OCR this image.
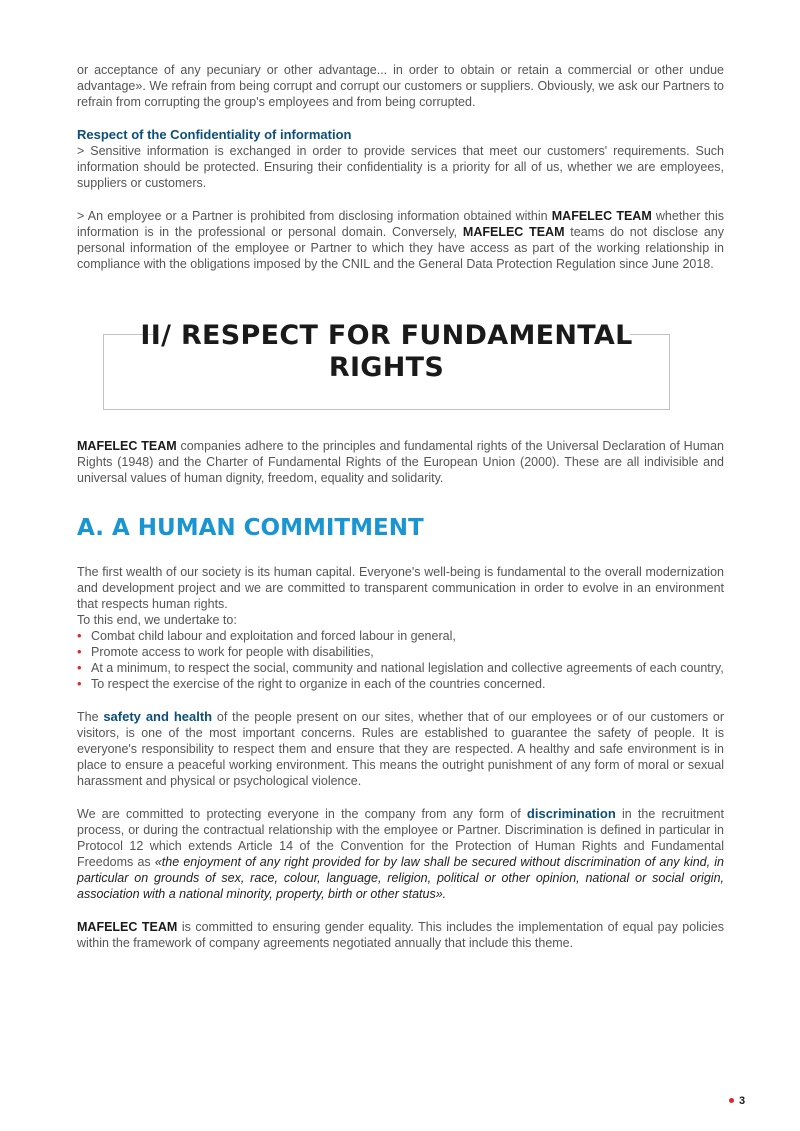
or acceptance of any pecuniary or other advantage... in order to obtain or retain a commercial or other undue advantage». We refrain from being corrupt and corrupt our customers or suppliers. Obviously, we ask our Partners to refrain from corrupting the group's employees and from being corrupted.

Respect of the Confidentiality of information

> Sensitive information is exchanged in order to provide services that meet our customers' requirements. Such information should be protected. Ensuring their confidentiality is a priority for all of us, whether we are employees, suppliers or customers.

> An employee or a Partner is prohibited from disclosing information obtained within MAFELEC TEAM whether this information is in the professional or personal domain. Conversely, MAFELEC TEAM teams do not disclose any personal information of the employee or Partner to which they have access as part of the working relationship in compliance with the obligations imposed by the CNIL and the General Data Protection Regulation since June 2018.

II/ RESPECT FOR FUNDAMENTAL
RIGHTS

MAFELEC TEAM companies adhere to the principles and fundamental rights of the Universal Declaration of Human Rights (1948) and the Charter of Fundamental Rights of the European Union (2000). These are all indivisible and universal values of human dignity, freedom, equality and solidarity.

A. A HUMAN COMMITMENT

The first wealth of our society is its human capital. Everyone's well-being is fundamental to the overall modernization and development project and we are committed to transparent communication in order to evolve in an environment that respects human rights.

To this end, we undertake to:

• Combat child labour and exploitation and forced labour in general,
• Promote access to work for people with disabilities,
• At a minimum, to respect the social, community and national legislation and collective agreements of each country,
• To respect the exercise of the right to organize in each of the countries concerned.

The safety and health of the people present on our sites, whether that of our employees or of our customers or visitors, is one of the most important concerns. Rules are established to guarantee the safety of people. It is everyone's responsibility to respect them and ensure that they are respected. A healthy and safe environment is in place to ensure a peaceful working environment. This means the outright punishment of any form of moral or sexual harassment and physical or psychological violence.

We are committed to protecting everyone in the company from any form of discrimination in the recruitment process, or during the contractual relationship with the employee or Partner. Discrimination is defined in particular in Protocol 12 which extends Article 14 of the Convention for the Protection of Human Rights and Fundamental Freedoms as «the enjoyment of any right provided for by law shall be secured without discrimination of any kind, in particular on grounds of sex, race, colour, language, religion, political or other opinion, national or social origin, association with a national minority, property, birth or other status».

MAFELEC TEAM is committed to ensuring gender equality. This includes the implementation of equal pay policies within the framework of company agreements negotiated annually that include this theme.

3
